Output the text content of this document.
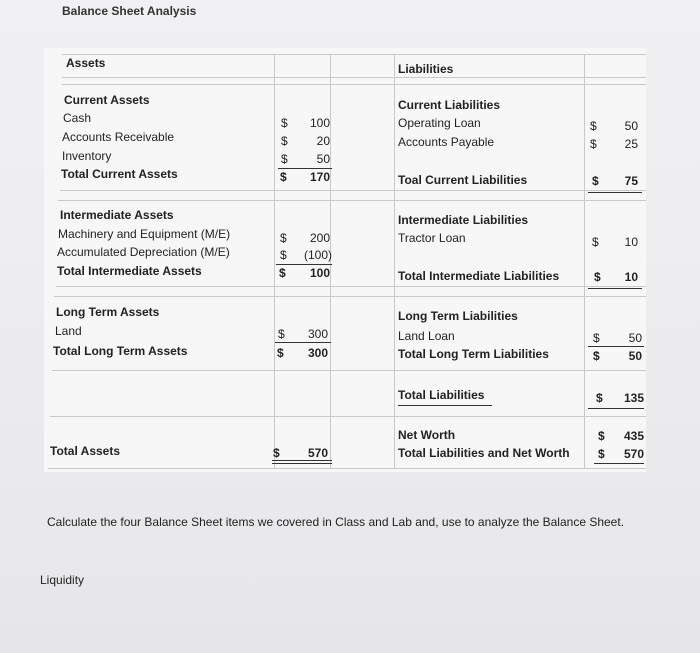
Balance Sheet Analysis
Assets
Current Assets
Cash	$	100
Accounts Receivable	$	20
Inventory	$	50
Total Current Assets	$	170
Intermediate Assets
Machinery and Equipment (M/E)	$	200
Accumulated Depreciation (M/E)	$	(100)
Total Intermediate Assets	$	100
Long Term Assets
Land	$	300
Total Long Term Assets	$	300
Total Assets	$	570
Liabilities
Current Liabilities
Operating Loan	$	50
Accounts Payable	$	25
Toal Current Liabilities	$	75
Intermediate Liabilities
Tractor Loan	$	10
Total Intermediate Liabilities	$	10
Long Term Liabilities
Land Loan	$	50
Total Long Term Liabilities	$	50
Total Liabilities	$	135
Net Worth	$	435
Total Liabilities and Net Worth $	570
Calculate the four Balance Sheet items we covered in Class and Lab and, use to analyze the Balance Sheet.
Liquidity
